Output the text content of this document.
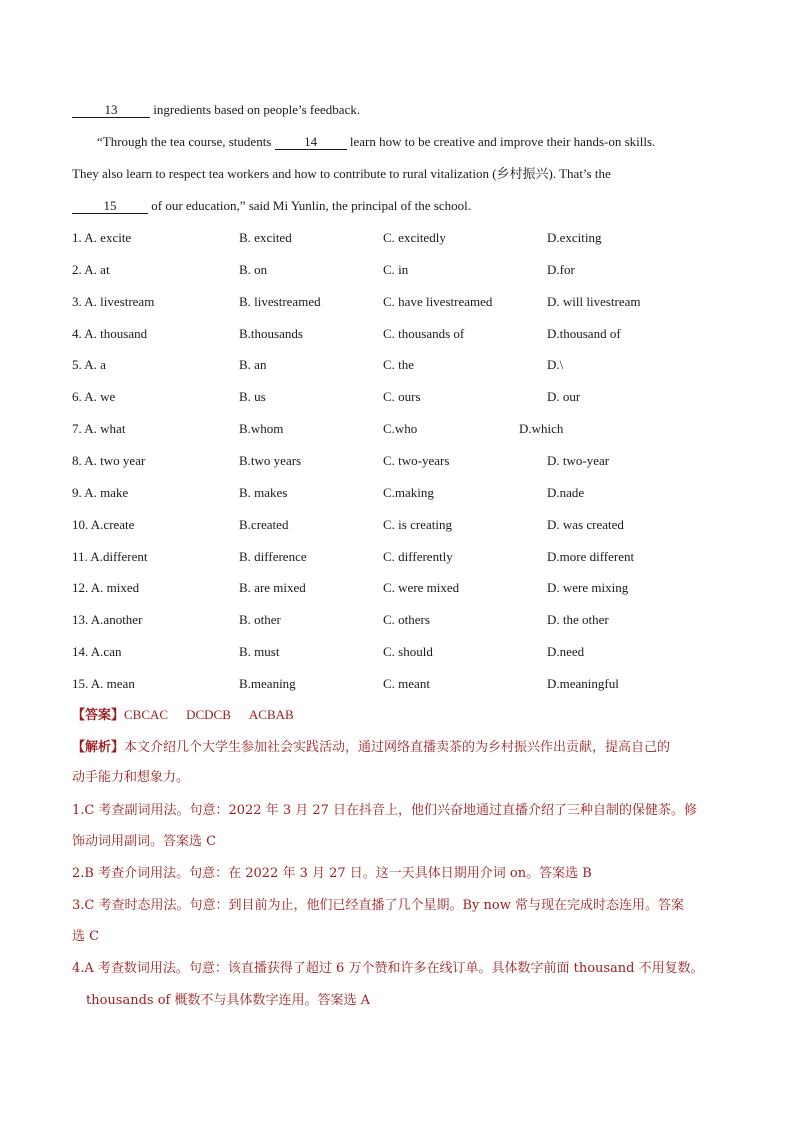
13	ingredients based on people’s feedback.
“Through the tea course, students	14	learn how to be creative and improve their hands-on skills.
They also learn to respect tea workers and how to contribute to rural vitalization (乡村振兴). That’s the
15	of our education,” said Mi Yunlin, the principal of the school.
1. A. excite	B. excited	C. excitedly	D.exciting
2. A. at	B. on	C. in	D.for
3. A. livestream	B. livestreamed	C. have livestreamed	D. will livestream
4. A. thousand	B.thousands	C. thousands of	D.thousand of
5. A. a	B. an	C. the	D.\
6. A. we	B. us	C. ours	D. our
7. A. what	B.whom	C.who	D.which
8. A. two year	B.two years	C. two-years	D. two-year
9. A. make	B. makes	C.making	D.nade
10. A.create	B.created	C. is creating	D. was created
11. A.different	B. difference	C. differently	D.more different
12. A. mixed	B. are mixed	C. were mixed	D. were mixing
13. A.another	B. other	C. others	D. the other
14. A.can	B. must	C. should	D.need
15. A. mean	B.meaning	C. meant	D.meaningful
【答案】CBCAC DCDCB ACBAB
【解析】本文介绍几个大学生参加社会实践活动，通过网络直播卖茶的为乡村振兴作出贡献，提高自己的
动手能力和想象力。
1.C 考查副词用法。句意：2022 年 3 月 27 日在抖音上，他们兴奋地通过直播介绍了三种自制的保健茶。修
饰动词用副词。答案选 C
2.B 考查介词用法。句意：在 2022 年 3 月 27 日。这一天具体日期用介词 on。答案选 B
3.C 考查时态用法。句意：到目前为止，他们已经直播了几个星期。By now 常与现在完成时态连用。答案
选 C
4.A 考查数词用法。句意：该直播获得了超过 6 万个赞和许多在线订单。具体数字前面 thousand 不用复数。
thousands of 概数不与具体数字连用。答案选 A
